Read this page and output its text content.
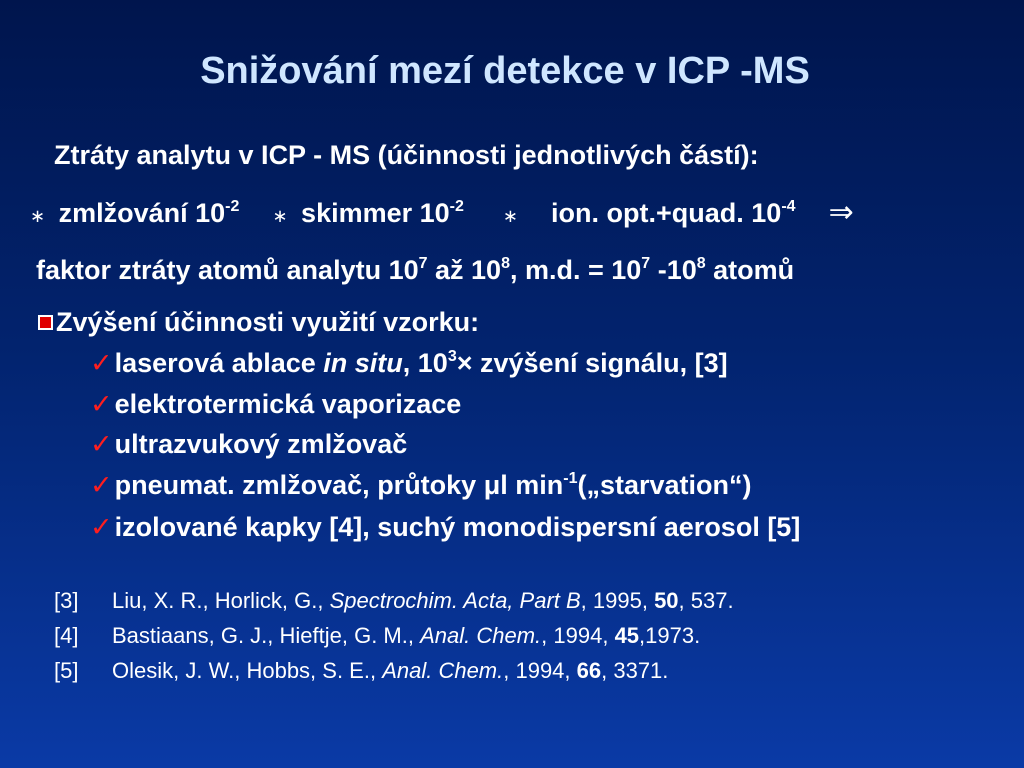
Snižování mezí detekce v ICP -MS
Ztráty analytu v ICP - MS (účinnosti jednotlivých částí):
∗ zmlžování $10^{-2}$ ∗ skimmer $10^{-2}$ ∗ ion. opt.+quad. $10^{-4}$ ⇒
faktor ztráty atomů analytu $10^7$ až $10^8$, m.d. = $10^7$ $-10^8$ atomů
Zvýšení účinnosti využití vzorku:
✓laserová ablace in situ, $10^3\times$ zvýšení signálu, [3]
✓elektrotermická vaporizace
✓ultrazvukový zmlžovač
✓pneumat. zmlžovač, průtoky μl $\min^{-1}(„starvation“)$
✓izolované kapky [4], suchý monodispersní aerosol [5]
[3] Liu, X. R., Horlick, G., Spectrochim. Acta, Part B, 1995, 50, 537.
[4] Bastiaans, G. J., Hieftje, G. M., Anal. Chem., 1994, 45,1973.
[5] Olesik, J. W., Hobbs, S. E., Anal. Chem., 1994, 66, 3371.
